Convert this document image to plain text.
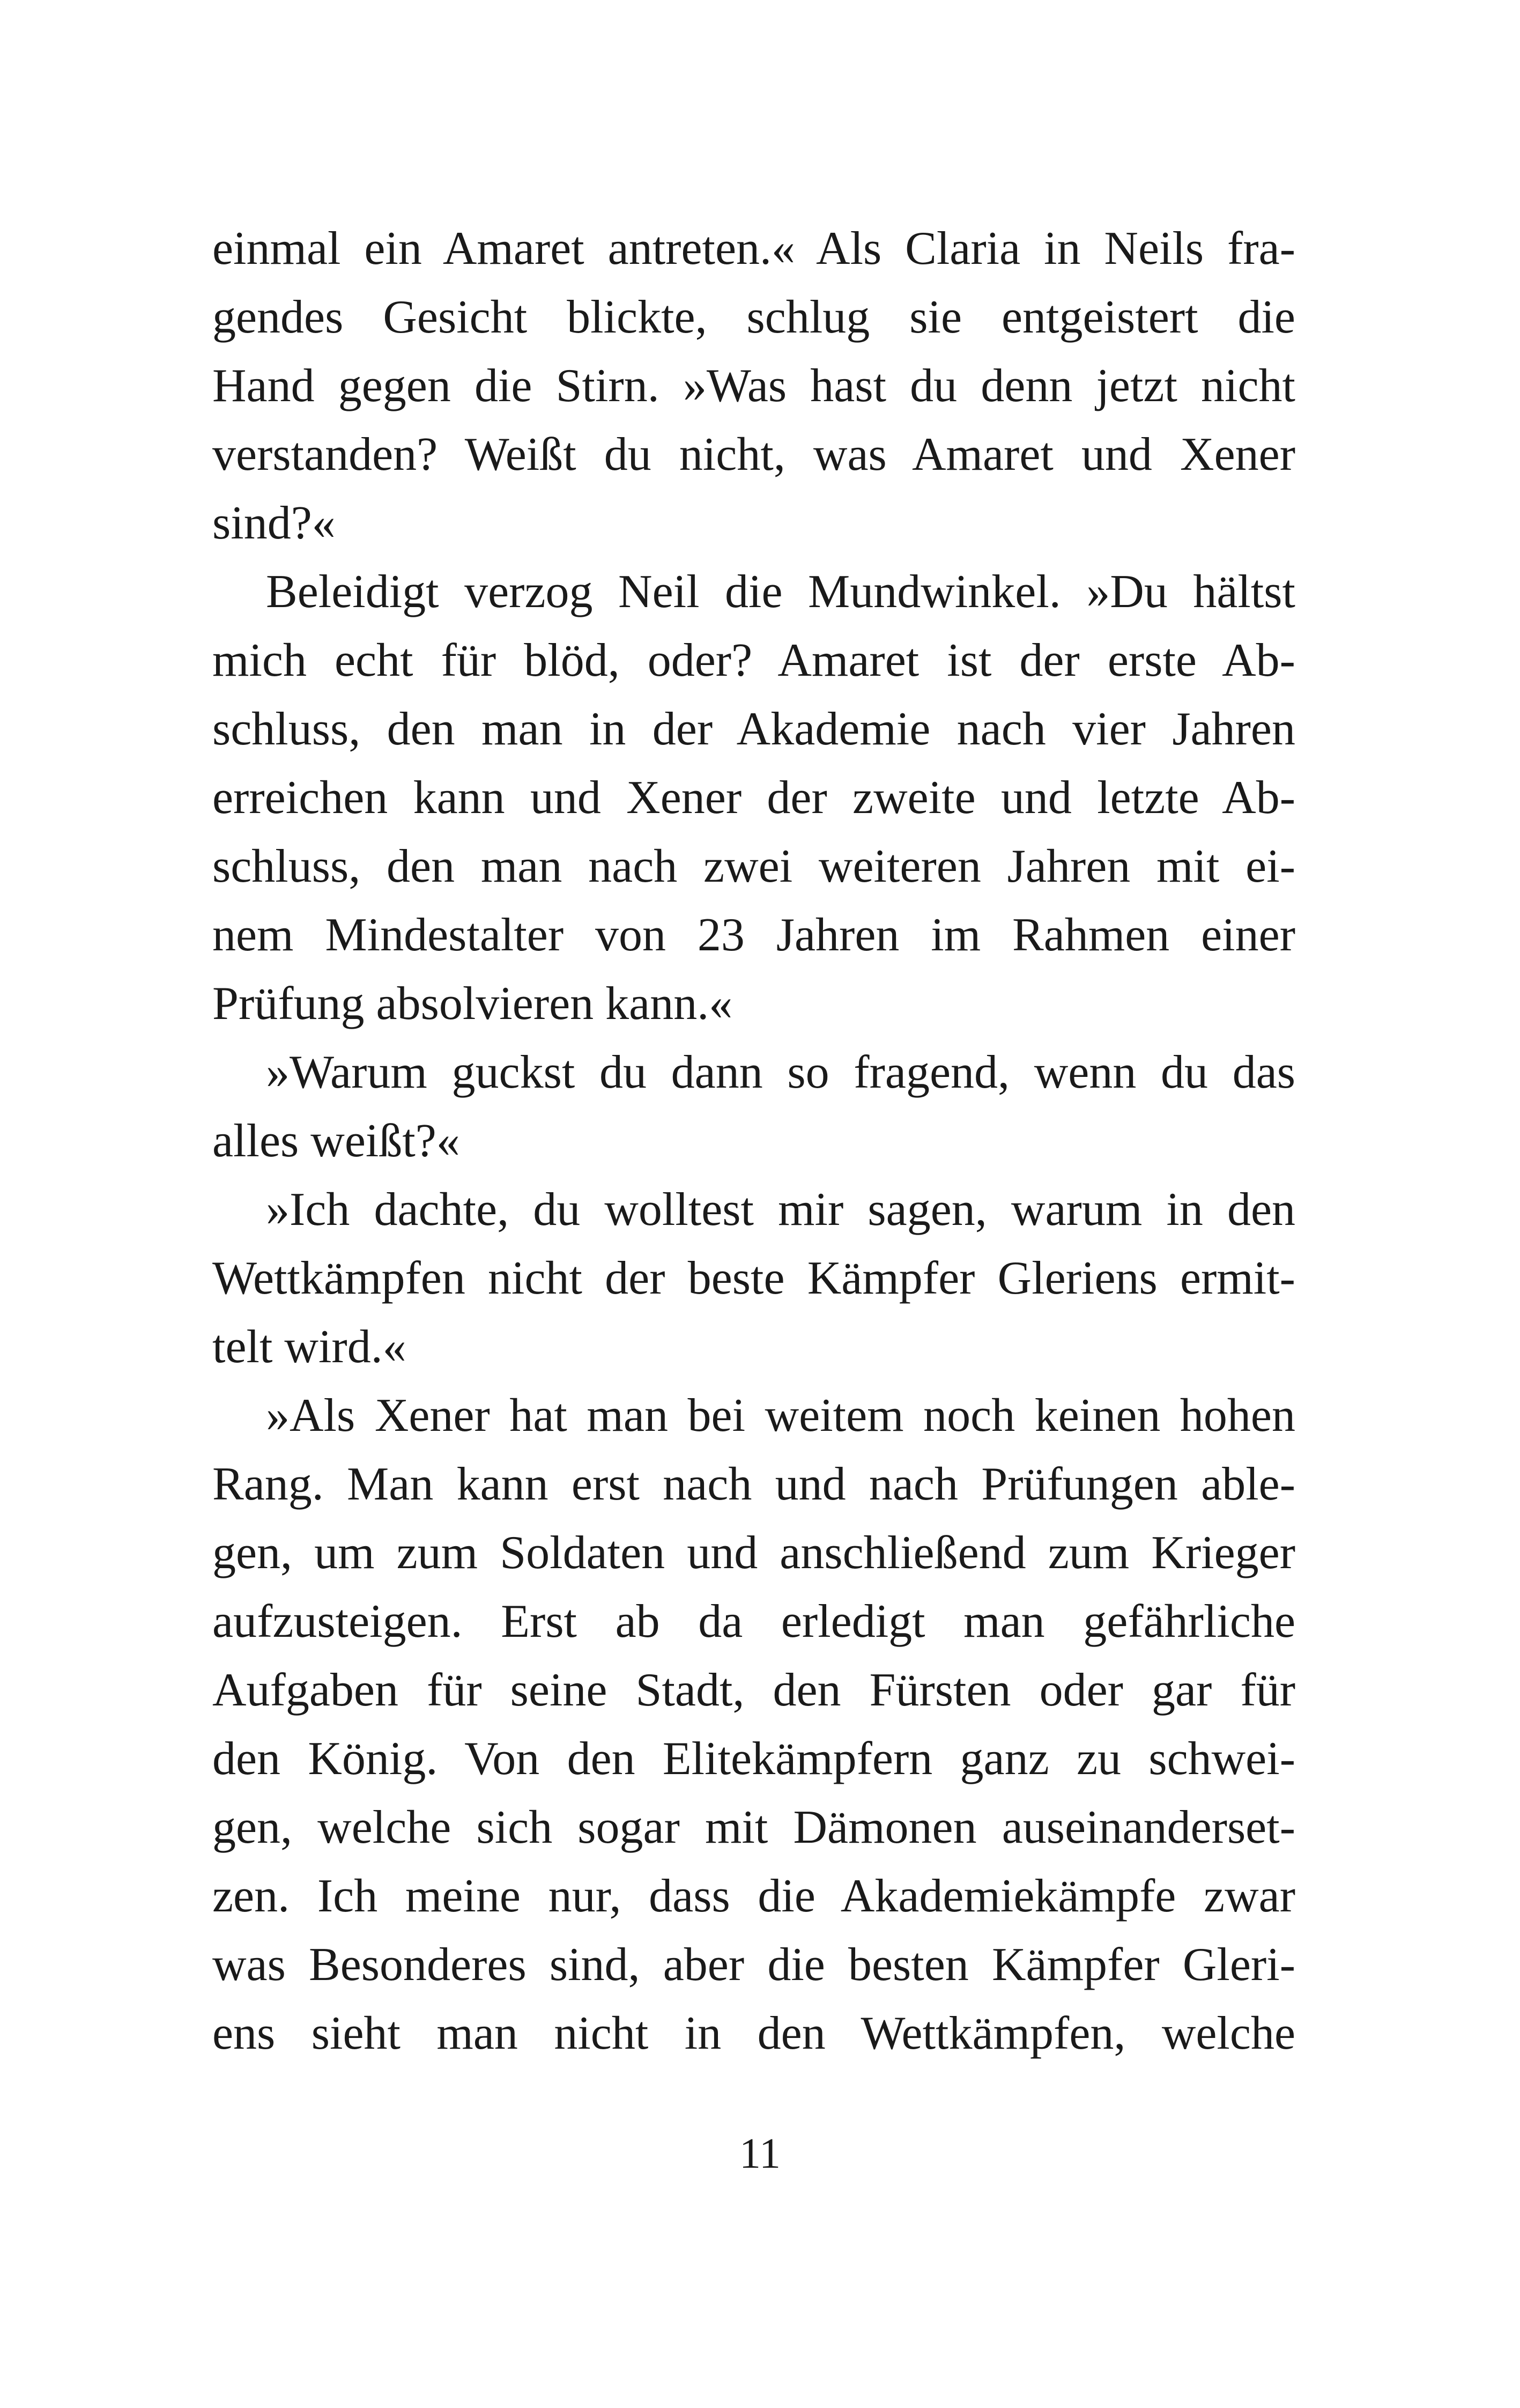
einmal ein Amaret antreten.« Als Claria in Neils fra-
gendes Gesicht blickte, schlug sie entgeistert die
Hand gegen die Stirn. »Was hast du denn jetzt nicht
verstanden? Weißt du nicht, was Amaret und Xener
sind?«
Beleidigt verzog Neil die Mundwinkel. »Du hältst
mich echt für blöd, oder? Amaret ist der erste Ab-
schluss, den man in der Akademie nach vier Jahren
erreichen kann und Xener der zweite und letzte Ab-
schluss, den man nach zwei weiteren Jahren mit ei-
nem Mindestalter von 23 Jahren im Rahmen einer
Prüfung absolvieren kann.«
»Warum guckst du dann so fragend, wenn du das
alles weißt?«
»Ich dachte, du wolltest mir sagen, warum in den
Wettkämpfen nicht der beste Kämpfer Gleriens ermit-
telt wird.«
»Als Xener hat man bei weitem noch keinen hohen
Rang. Man kann erst nach und nach Prüfungen able-
gen, um zum Soldaten und anschließend zum Krieger
aufzusteigen. Erst ab da erledigt man gefährliche
Aufgaben für seine Stadt, den Fürsten oder gar für
den König. Von den Elitekämpfern ganz zu schwei-
gen, welche sich sogar mit Dämonen auseinanderset-
zen. Ich meine nur, dass die Akademiekämpfe zwar
was Besonderes sind, aber die besten Kämpfer Gleri-
ens sieht man nicht in den Wettkämpfen, welche
11
